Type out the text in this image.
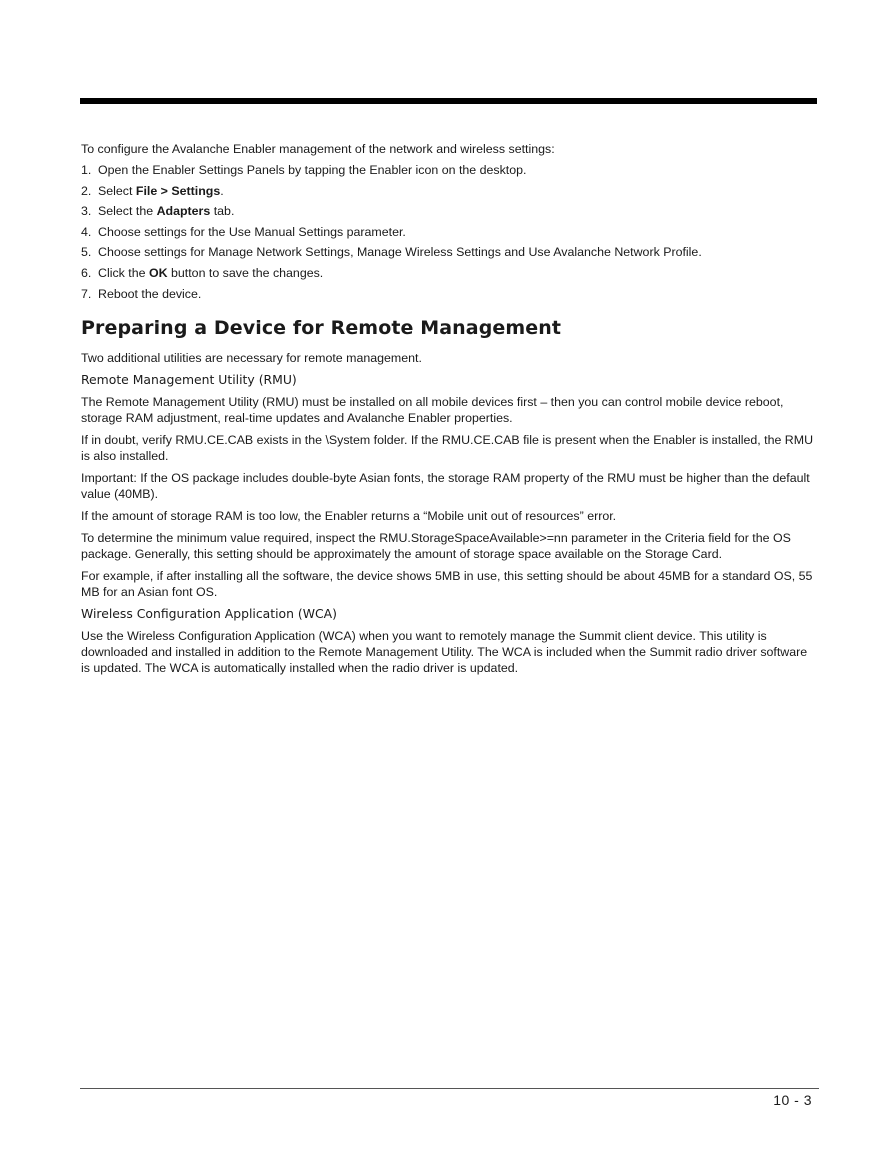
To configure the Avalanche Enabler management of the network and wireless settings:

1. Open the Enabler Settings Panels by tapping the Enabler icon on the desktop.
2. Select File > Settings.
3. Select the Adapters tab.
4. Choose settings for the Use Manual Settings parameter.
5. Choose settings for Manage Network Settings, Manage Wireless Settings and Use Avalanche Network Profile.
6. Click the OK button to save the changes.
7. Reboot the device.
Preparing a Device for Remote Management

Two additional utilities are necessary for remote management.

Remote Management Utility (RMU)

The Remote Management Utility (RMU) must be installed on all mobile devices first – then you can control mobile device reboot, storage RAM adjustment, real-time updates and Avalanche Enabler properties.

If in doubt, verify RMU.CE.CAB exists in the \System folder. If the RMU.CE.CAB file is present when the Enabler is installed, the RMU is also installed.

Important: If the OS package includes double-byte Asian fonts, the storage RAM property of the RMU must be higher than the default value (40MB).

If the amount of storage RAM is too low, the Enabler returns a “Mobile unit out of resources” error.

To determine the minimum value required, inspect the RMU.StorageSpaceAvailable>=nn parameter in the Criteria field for the OS package. Generally, this setting should be approximately the amount of storage space available on the Storage Card.

For example, if after installing all the software, the device shows 5MB in use, this setting should be about 45MB for a standard OS, 55 MB for an Asian font OS.

Wireless Configuration Application (WCA)

Use the Wireless Configuration Application (WCA) when you want to remotely manage the Summit client device. This utility is downloaded and installed in addition to the Remote Management Utility. The WCA is included when the Summit radio driver software is updated. The WCA is automatically installed when the radio driver is updated.

10 - 3
